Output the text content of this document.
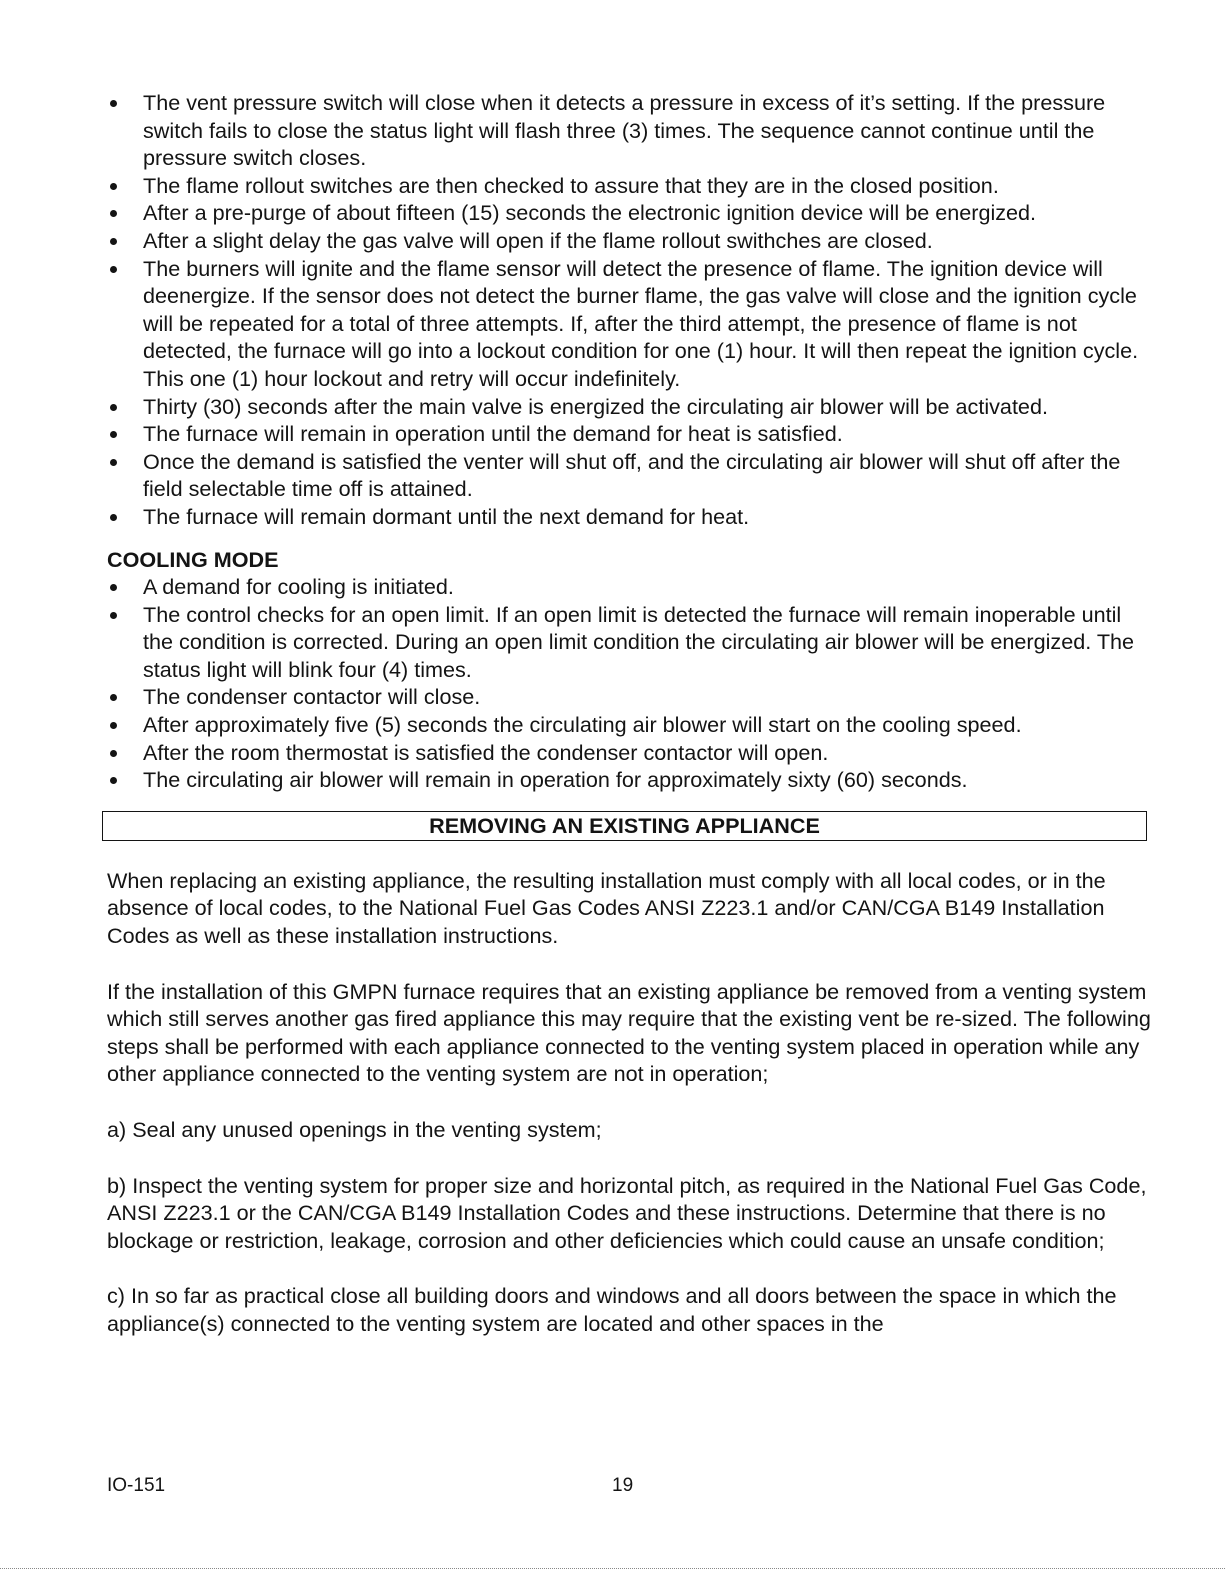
The vent pressure switch will close when it detects a pressure in excess of it’s setting. If the pressure switch fails to close the status light will flash three (3) times. The sequence cannot continue until the pressure switch closes.
The flame rollout switches are then checked to assure that they are in the closed position.
After a pre-purge of about fifteen (15) seconds the electronic ignition device will be energized.
After a slight delay the gas valve will open if the flame rollout swithches are closed.
The burners will ignite and the flame sensor will detect the presence of flame. The ignition device will deenergize. If the sensor does not detect the burner flame, the gas valve will close and the ignition cycle will be repeated for a total of three attempts. If, after the third attempt, the presence of flame is not detected, the furnace will go into a lockout condition for one (1) hour. It will then repeat the ignition cycle. This one (1) hour lockout and retry will occur indefinitely.
Thirty (30) seconds after the main valve is energized the circulating air blower will be activated.
The furnace will remain in operation until the demand for heat is satisfied.
Once the demand is satisfied the venter will shut off, and the circulating air blower will shut off after the field selectable time off is attained.
The furnace will remain dormant until the next demand for heat.
COOLING MODE
A demand for cooling is initiated.
The control checks for an open limit. If an open limit is detected the furnace will remain inoperable until the condition is corrected. During an open limit condition the circulating air blower will be energized. The status light will blink four (4) times.
The condenser contactor will close.
After approximately five (5) seconds the circulating air blower will start on the cooling speed.
After the room thermostat is satisfied the condenser contactor will open.
The circulating air blower will remain in operation for approximately sixty (60) seconds.
REMOVING AN EXISTING APPLIANCE

When replacing an existing appliance, the resulting installation must comply with all local codes, or in the absence of local codes, to the National Fuel Gas Codes ANSI Z223.1 and/or CAN/CGA B149 Installation Codes as well as these installation instructions.

If the installation of this GMPN furnace requires that an existing appliance be removed from a venting system which still serves another gas fired appliance this may require that the existing vent be re-sized. The following steps shall be performed with each appliance connected to the venting system placed in operation while any other appliance connected to the venting system are not in operation;

a) Seal any unused openings in the venting system;

b) Inspect the venting system for proper size and horizontal pitch, as required in the National Fuel Gas Code, ANSI Z223.1 or the CAN/CGA B149 Installation Codes and these instructions. Determine that there is no blockage or restriction, leakage, corrosion and other deficiencies which could cause an unsafe condition;

c) In so far as practical close all building doors and windows and all doors between the space in which the appliance(s) connected to the venting system are located and other spaces in the

IO-151	19
